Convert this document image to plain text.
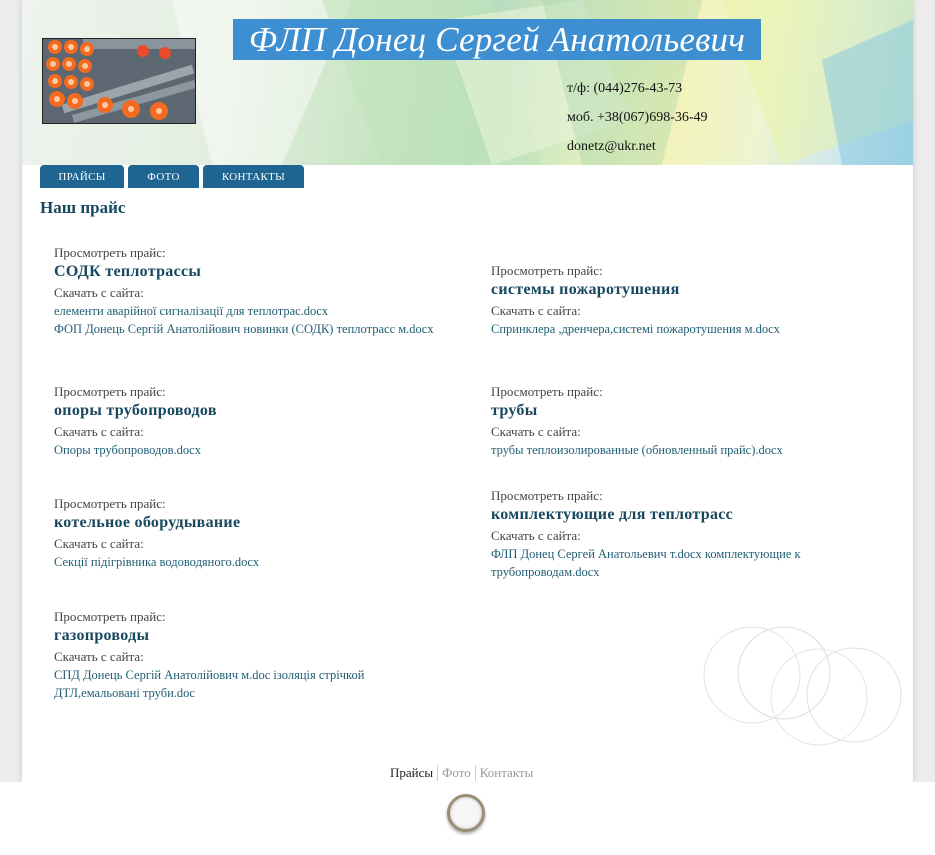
ФЛП Донец Сергей Анатольевич
т/ф: (044)276-43-73
моб. +38(067)698-36-49
donetz@ukr.net
ПРАЙСЫ	ФОТО	КОНТАКТЫ
Наш прайс
Просмотреть прайс:
СОДК теплотрассы
Скачать с сайта:
елементи аварійної сигналізації для теплотрас.docx
ФОП Донець Сергій Анатолійович новинки (СОДК) теплотрасс м.docx
Просмотреть прайс:
системы пожаротушения
Скачать с сайта:
Спринклера ,дренчера,системі пожаротушения м.docx
Просмотреть прайс:
опоры трубопроводов
Скачать с сайта:
Опоры трубопроводов.docx
Просмотреть прайс:
трубы
Скачать с сайта:
трубы теплоизолированные (обновленный прайс).docx
Просмотреть прайс:
котельное оборудывание
Скачать с сайта:
Секції підігрівника водоводяного.docx
Просмотреть прайс:
комплектующие для теплотрасс
Скачать с сайта:
ФЛП Донец Сергей Анатольевич т.docx комплектующие к трубопроводам.docx
Просмотреть прайс:
газопроводы
Скачать с сайта:
СПД Донець Сергій Анатолійович м.doc ізоляція стрічкой ДТЛ,емальовані труби.doc
Прайсы Фото Контакты
